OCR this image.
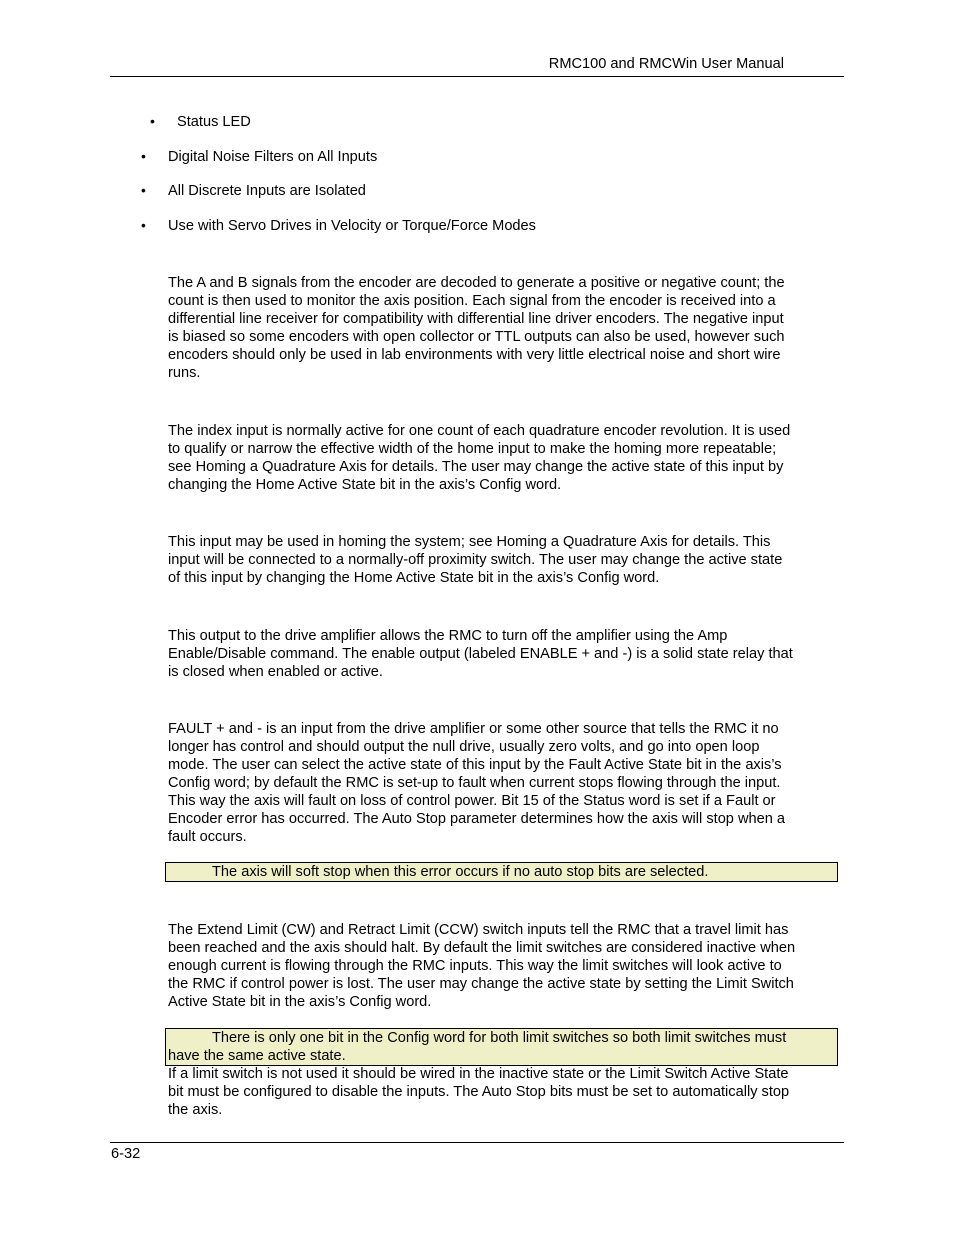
RMC100 and RMCWin User Manual
• Status LED
• Digital Noise Filters on All Inputs
• All Discrete Inputs are Isolated
• Use with Servo Drives in Velocity or Torque/Force Modes
The A and B signals from the encoder are decoded to generate a positive or negative count; the
count is then used to monitor the axis position. Each signal from the encoder is received into a
differential line receiver for compatibility with differential line driver encoders. The negative input
is biased so some encoders with open collector or TTL outputs can also be used, however such
encoders should only be used in lab environments with very little electrical noise and short wire
runs.
The index input is normally active for one count of each quadrature encoder revolution. It is used
to qualify or narrow the effective width of the home input to make the homing more repeatable;
see Homing a Quadrature Axis for details. The user may change the active state of this input by
changing the Home Active State bit in the axis’s Config word.
This input may be used in homing the system; see Homing a Quadrature Axis for details. This
input will be connected to a normally-off proximity switch. The user may change the active state
of this input by changing the Home Active State bit in the axis’s Config word.
This output to the drive amplifier allows the RMC to turn off the amplifier using the Amp
Enable/Disable command. The enable output (labeled ENABLE + and -) is a solid state relay that
is closed when enabled or active.
FAULT + and - is an input from the drive amplifier or some other source that tells the RMC it no
longer has control and should output the null drive, usually zero volts, and go into open loop
mode. The user can select the active state of this input by the Fault Active State bit in the axis’s
Config word; by default the RMC is set-up to fault when current stops flowing through the input.
This way the axis will fault on loss of control power. Bit 15 of the Status word is set if a Fault or
Encoder error has occurred. The Auto Stop parameter determines how the axis will stop when a
fault occurs.
The axis will soft stop when this error occurs if no auto stop bits are selected.
The Extend Limit (CW) and Retract Limit (CCW) switch inputs tell the RMC that a travel limit has
been reached and the axis should halt. By default the limit switches are considered inactive when
enough current is flowing through the RMC inputs. This way the limit switches will look active to
the RMC if control power is lost. The user may change the active state by setting the Limit Switch
Active State bit in the axis’s Config word.
There is only one bit in the Config word for both limit switches so both limit switches must
have the same active state.
If a limit switch is not used it should be wired in the inactive state or the Limit Switch Active State
bit must be configured to disable the inputs. The Auto Stop bits must be set to automatically stop
the axis.
6-32
